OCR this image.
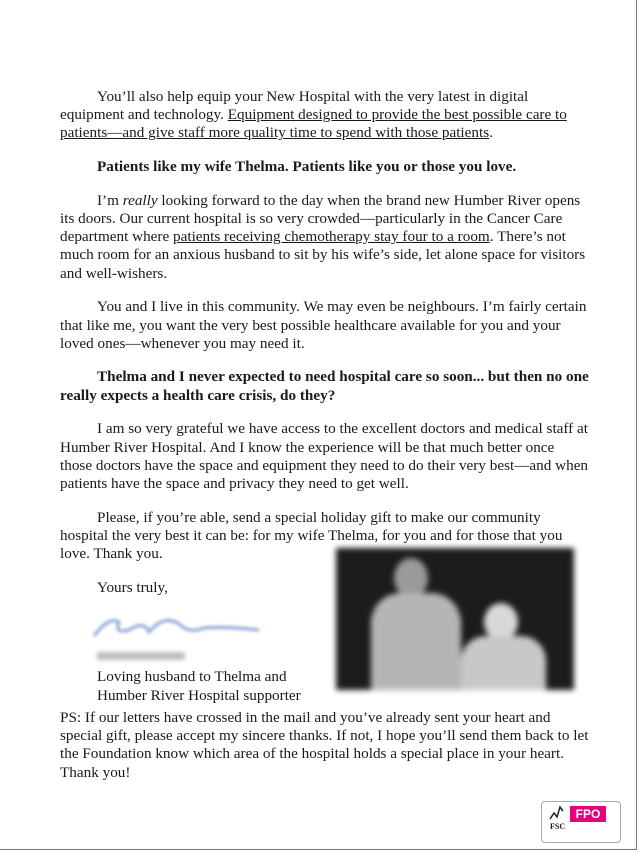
You’ll also help equip your New Hospital with the very latest in digital equipment and technology. Equipment designed to provide the best possible care to patients—and give staff more quality time to spend with those patients.

Patients like my wife Thelma. Patients like you or those you love.

I’m really looking forward to the day when the brand new Humber River opens its doors. Our current hospital is so very crowded—particularly in the Cancer Care department where patients receiving chemotherapy stay four to a room. There’s not much room for an anxious husband to sit by his wife’s side, let alone space for visitors and well-wishers.

You and I live in this community. We may even be neighbours. I’m fairly certain that like me, you want the very best possible healthcare available for you and your loved ones—whenever you may need it.

Thelma and I never expected to need hospital care so soon... but then no one really expects a health care crisis, do they?

I am so very grateful we have access to the excellent doctors and medical staff at Humber River Hospital. And I know the experience will be that much better once those doctors have the space and equipment they need to do their very best—and when patients have the space and privacy they need to get well.

Please, if you’re able, send a special holiday gift to make our community hospital the very best it can be: for my wife Thelma, for you and for those that you love. Thank you.

Yours truly,

Loving husband to Thelma and
Humber River Hospital supporter

PS: If our letters have crossed in the mail and you’ve already sent your heart and special gift, please accept my sincere thanks. If not, I hope you’ll send them back to let the Foundation know which area of the hospital holds a special place in your heart. Thank you!

FPO
FSC
